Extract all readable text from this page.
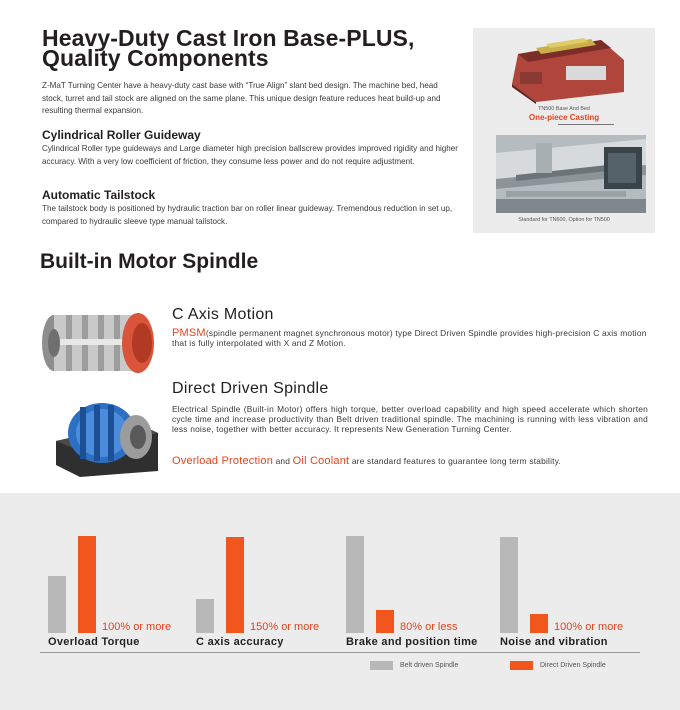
Heavy-Duty Cast Iron Base-PLUS,
Quality Components
Z-MaT Turning Center have a heavy-duty cast base with “True Align” slant bed design. The machine bed, head stock, turret and tail stock are aligned on the same plane. This unique design feature reduces heat build-up and resulting thermal expansion.
Cylindrical Roller Guideway
Cylindrical Roller type guideways and Large diameter high precision ballscrew provides improved rigidity and higher accuracy. With a very low coefficient of friction, they consume less power and do not require adjustment.
Automatic Tailstock
The tailstock body is positioned by hydraulic traction bar on roller linear guideway. Tremendous reduction in set up, compared to hydraulic sleeve type manual tailstock.
TN500 Base And Bed
One-piece Casting
Standard for TN600, Option for TN500
Built-in Motor Spindle
C Axis Motion
PMSM(spindle permanent magnet synchronous motor) type Direct Driven Spindle provides high-precision C axis motion that is fully interpolated with X and Z Motion.
Direct Driven Spindle
Electrical Spindle (Built-in Motor) offers high torque, better overload capability and high speed accelerate which shorten cycle time and increase productivity than Belt driven traditional spindle. The machining is running with less vibration and less noise, together with better accuracy. It represents New Generation Turning Center.
Overload Protection and Oil Coolant are standard features to guarantee long term stability.
100% or more
Overload Torque
150% or more
C axis accuracy
80% or less
Brake and position time
100% or more
Noise and vibration
Belt driven Spindle	Direct Driven Spindle
